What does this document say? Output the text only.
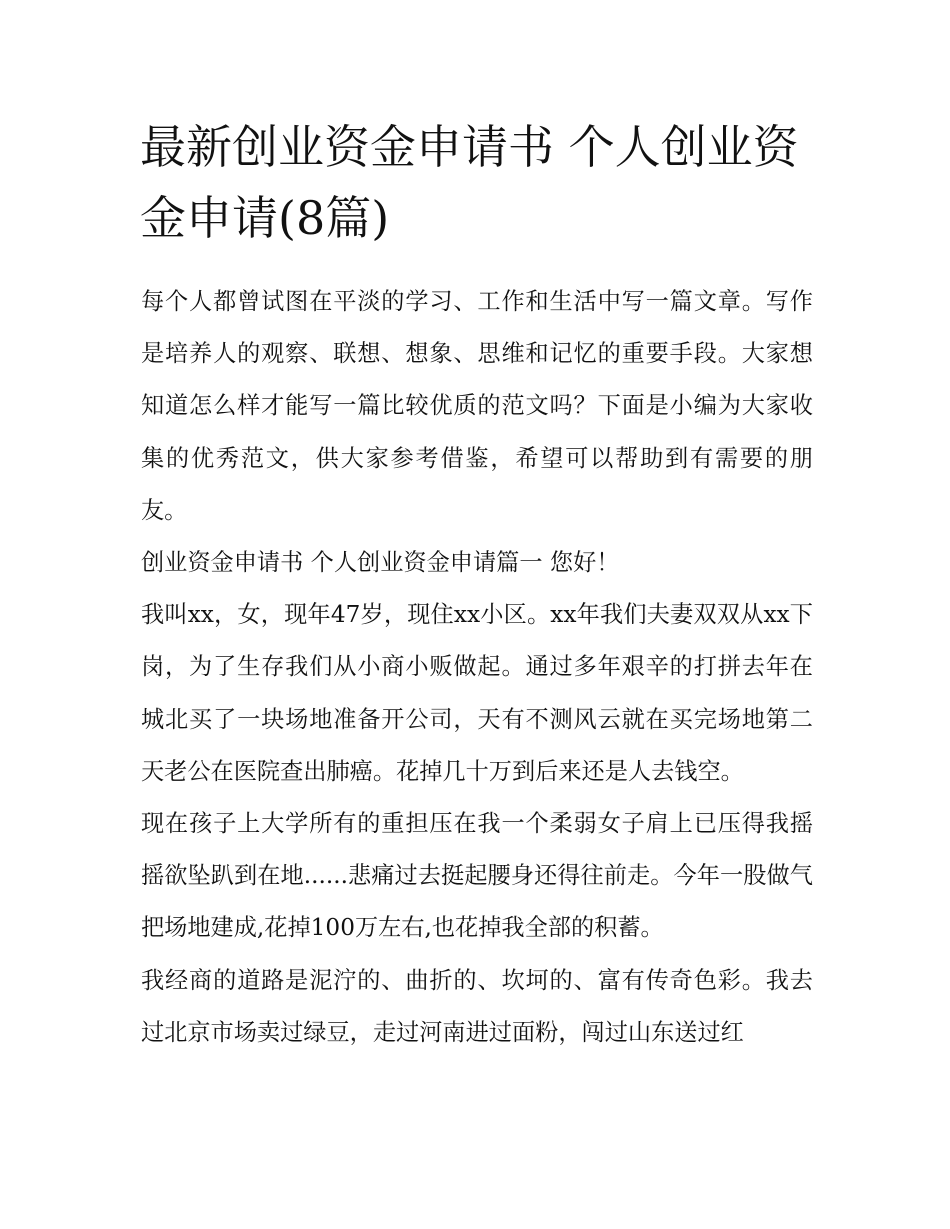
最新创业资金申请书 个人创业资金申请(8篇)

每个人都曾试图在平淡的学习、工作和生活中写一篇文章。写作是培养人的观察、联想、想象、思维和记忆的重要手段。大家想知道怎么样才能写一篇比较优质的范文吗？下面是小编为大家收集的优秀范文，供大家参考借鉴，希望可以帮助到有需要的朋友。

创业资金申请书 个人创业资金申请篇一 您好！

我叫xx，女，现年47岁，现住xx小区。xx年我们夫妻双双从xx下岗，为了生存我们从小商小贩做起。通过多年艰辛的打拼去年在城北买了一块场地准备开公司，天有不测风云就在买完场地第二天老公在医院查出肺癌。花掉几十万到后来还是人去钱空。

现在孩子上大学所有的重担压在我一个柔弱女子肩上已压得我摇摇欲坠趴到在地......悲痛过去挺起腰身还得往前走。今年一股做气把场地建成,花掉100万左右,也花掉我全部的积蓄。

我经商的道路是泥泞的、曲折的、坎坷的、富有传奇色彩。我去过北京市场卖过绿豆，走过河南进过面粉，闯过山东送过红
